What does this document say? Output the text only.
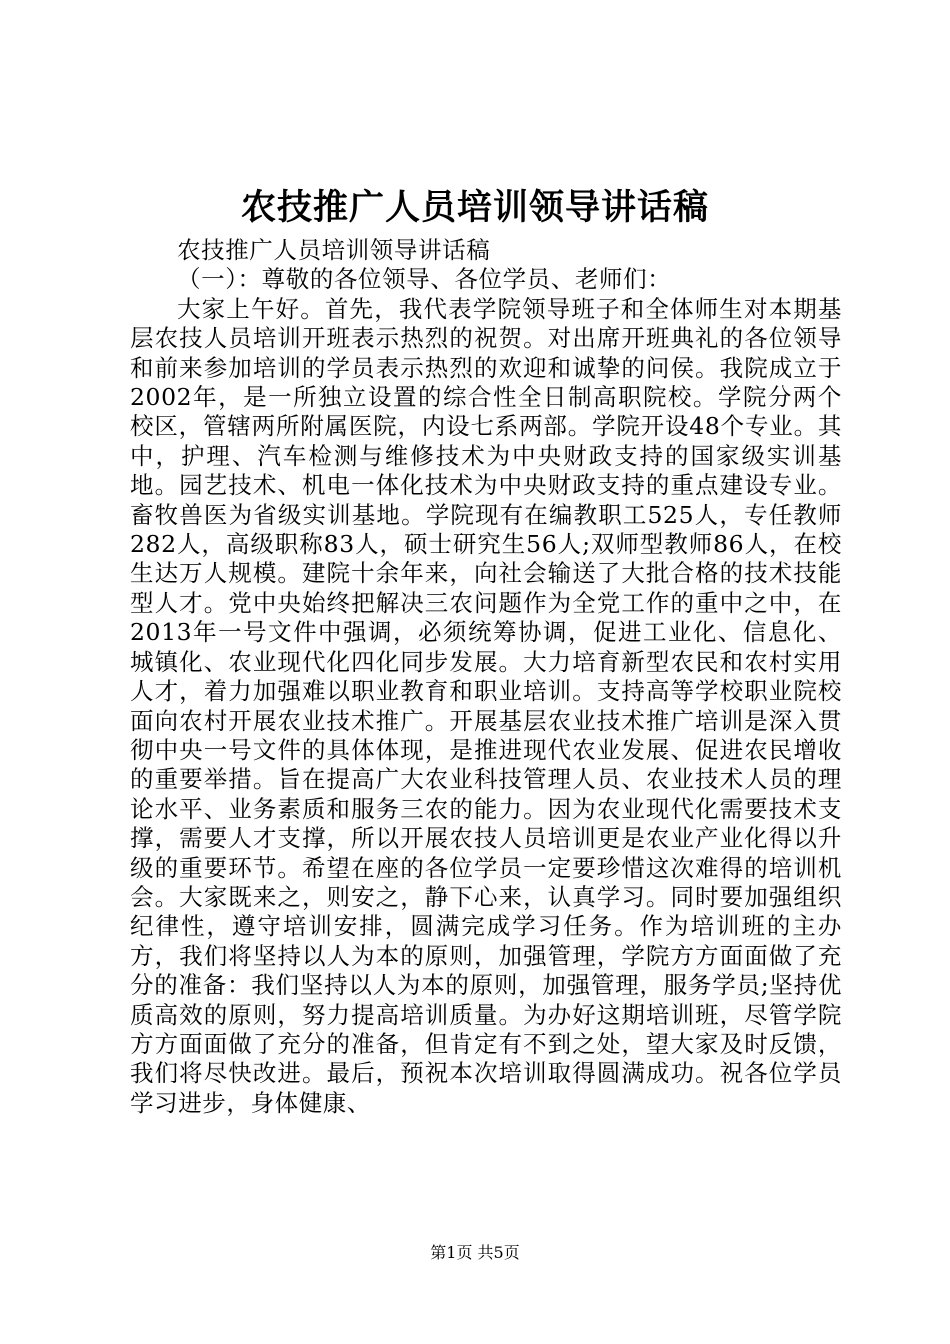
农技推广人员培训领导讲话稿

农技推广人员培训领导讲话稿

（一）：尊敬的各位领导、各位学员、老师们：

大家上午好。首先，我代表学院领导班子和全体师生对本期基层农技人员培训开班表示热烈的祝贺。对出席开班典礼的各位领导和前来参加培训的学员表示热烈的欢迎和诚挚的问侯。我院成立于2002年，是一所独立设置的综合性全日制高职院校。学院分两个校区，管辖两所附属医院，内设七系两部。学院开设48个专业。其中，护理、汽车检测与维修技术为中央财政支持的国家级实训基地。园艺技术、机电一体化技术为中央财政支持的重点建设专业。畜牧兽医为省级实训基地。学院现有在编教职工525人，专任教师282人，高级职称83人，硕士研究生56人;双师型教师86人，在校生达万人规模。建院十余年来，向社会输送了大批合格的技术技能型人才。党中央始终把解决三农问题作为全党工作的重中之中，在2013年一号文件中强调，必须统筹协调，促进工业化、信息化、城镇化、农业现代化四化同步发展。大力培育新型农民和农村实用人才，着力加强难以职业教育和职业培训。支持高等学校职业院校面向农村开展农业技术推广。开展基层农业技术推广培训是深入贯彻中央一号文件的具体体现，是推进现代农业发展、促进农民增收的重要举措。旨在提高广大农业科技管理人员、农业技术人员的理论水平、业务素质和服务三农的能力。因为农业现代化需要技术支撑，需要人才支撑，所以开展农技人员培训更是农业产业化得以升级的重要环节。希望在座的各位学员一定要珍惜这次难得的培训机会。大家既来之，则安之，静下心来，认真学习。同时要加强组织纪律性，遵守培训安排，圆满完成学习任务。作为培训班的主办方，我们将坚持以人为本的原则，加强管理，学院方方面面做了充分的准备：我们坚持以人为本的原则，加强管理，服务学员;坚持优质高效的原则，努力提高培训质量。为办好这期培训班，尽管学院方方面面做了充分的准备，但肯定有不到之处，望大家及时反馈，我们将尽快改进。最后，预祝本次培训取得圆满成功。祝各位学员学习进步，身体健康、

第1页 共5页
